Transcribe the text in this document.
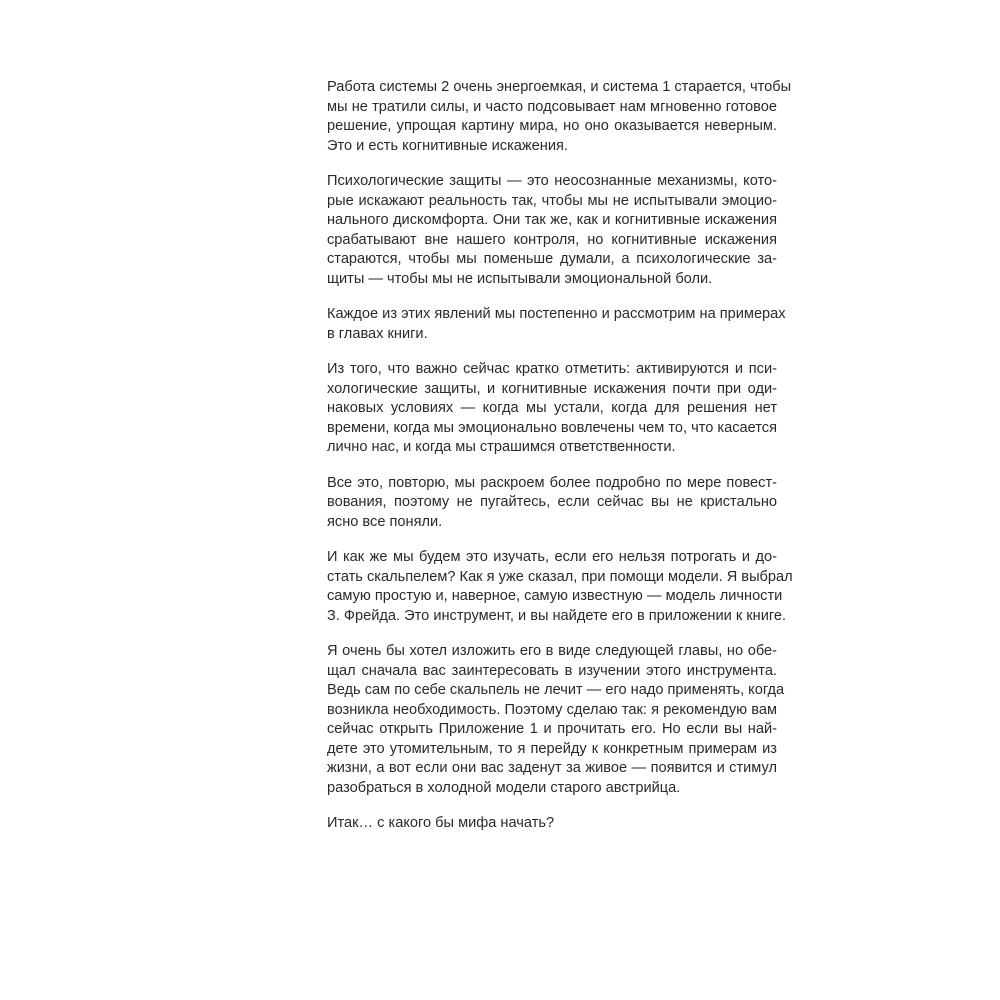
Работа системы 2 очень энергоемкая, и система 1 старается, чтобы
мы не тратили силы, и часто подсовывает нам мгновенно готовое
решение, упрощая картину мира, но оно оказывается неверным.
Это и есть когнитивные искажения.

Психологические защиты — это неосознанные механизмы, кото-
рые искажают реальность так, чтобы мы не испытывали эмоцио-
нального дискомфорта. Они так же, как и когнитивные искажения
срабатывают вне нашего контроля, но когнитивные искажения
стараются, чтобы мы поменьше думали, а психологические за-
щиты — чтобы мы не испытывали эмоциональной боли.

Каждое из этих явлений мы постепенно и рассмотрим на примерах
в главах книги.

Из того, что важно сейчас кратко отметить: активируются и пси-
хологические защиты, и когнитивные искажения почти при оди-
наковых условиях — когда мы устали, когда для решения нет
времени, когда мы эмоционально вовлечены чем то, что касается
лично нас, и когда мы страшимся ответственности.

Все это, повторю, мы раскроем более подробно по мере повест-
вования, поэтому не пугайтесь, если сейчас вы не кристально
ясно все поняли.

И как же мы будем это изучать, если его нельзя потрогать и до-
стать скальпелем? Как я уже сказал, при помощи модели. Я выбрал
самую простую и, наверное, самую известную — модель личности
З. Фрейда. Это инструмент, и вы найдете его в приложении к книге.

Я очень бы хотел изложить его в виде следующей главы, но обе-
щал сначала вас заинтересовать в изучении этого инструмента.
Ведь сам по себе скальпель не лечит — его надо применять, когда
возникла необходимость. Поэтому сделаю так: я рекомендую вам
сейчас открыть Приложение 1 и прочитать его. Но если вы най-
дете это утомительным, то я перейду к конкретным примерам из
жизни, а вот если они вас заденут за живое — появится и стимул
разобраться в холодной модели старого австрийца.

Итак… с какого бы мифа начать?
